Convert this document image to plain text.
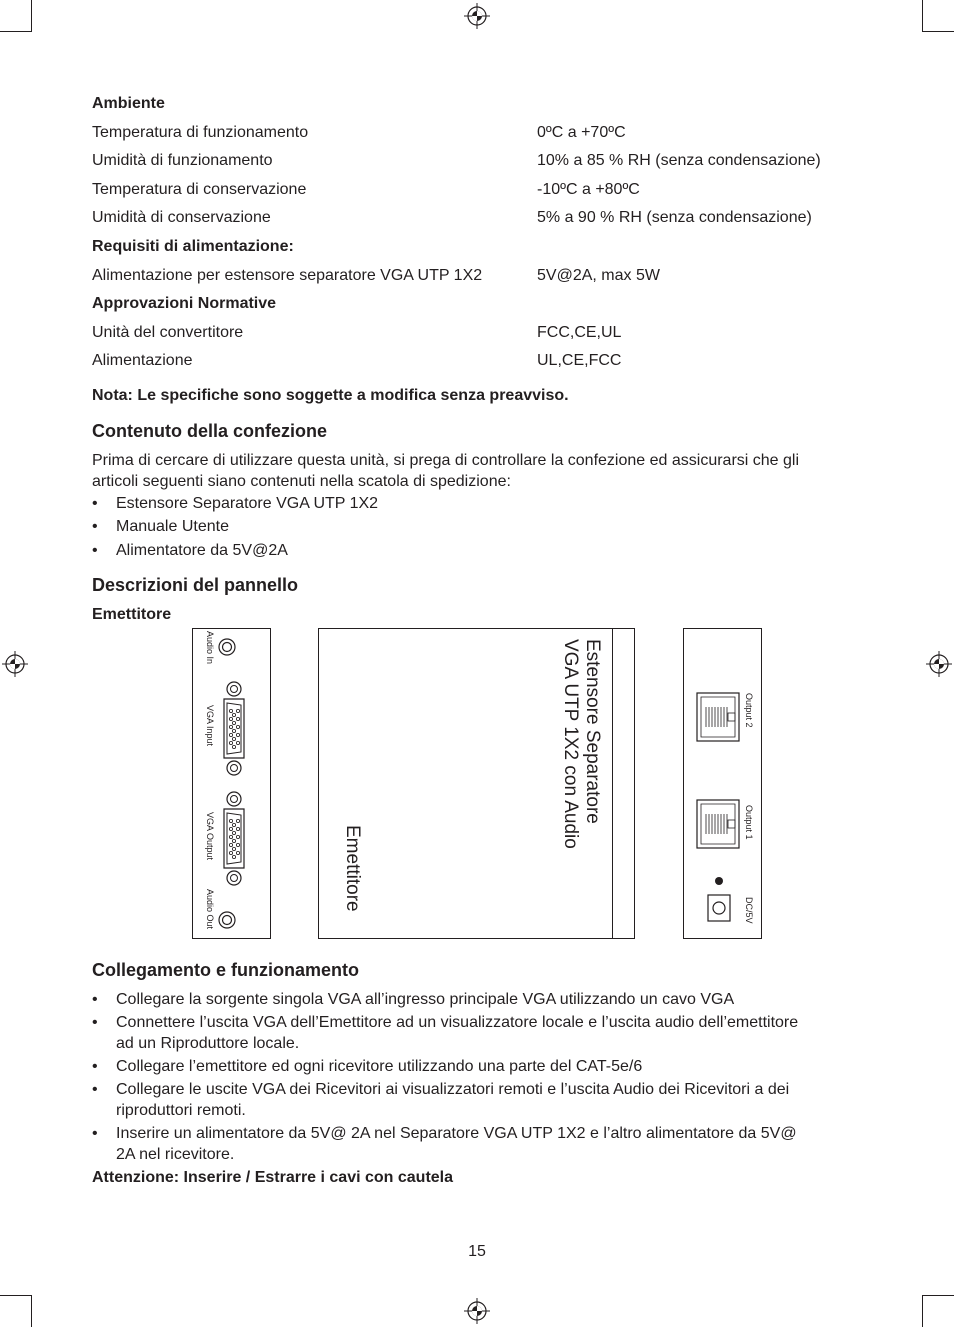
Ambiente
Temperatura di funzionamento	0ºC a +70ºC
Umidità di funzionamento	10% a 85 % RH (senza condensazione)
Temperatura di conservazione	-10ºC a +80ºC
Umidità di conservazione	5% a 90 % RH (senza condensazione)
Requisiti di alimentazione:
Alimentazione per estensore separatore VGA UTP 1X2	5V@2A, max 5W
Approvazioni Normative
Unità del convertitore	FCC,CE,UL
Alimentazione	UL,CE,FCC
Nota: Le specifiche sono soggette a modifica senza preavviso.
Contenuto della confezione
Prima di cercare di utilizzare questa unità, si prega di controllare la confezione ed assicurarsi che gli
articoli seguenti siano contenuti nella scatola di spedizione:
• Estensore Separatore VGA UTP 1X2
• Manuale Utente
• Alimentatore da 5V@2A
Descrizioni del pannello
Emettitore
Audio In
VGA Input
VGA Output
Audio Out
Estensore Separatore
VGA UTP 1X2 con Audio
Emettitore
Output 2
Output 1
DC/5V
Collegamento e funzionamento
• Collegare la sorgente singola VGA all’ingresso principale VGA utilizzando un cavo VGA
• Connettere l’uscita VGA dell’Emettitore ad un visualizzatore locale e l’uscita audio dell’emettitore
ad un Riproduttore locale.
• Collegare l’emettitore ed ogni ricevitore utilizzando una parte del CAT-5e/6
• Collegare le uscite VGA dei Ricevitori ai visualizzatori remoti e l’uscita Audio dei Ricevitori a dei
riproduttori remoti.
• Inserire un alimentatore da 5V@ 2A nel Separatore VGA UTP 1X2 e l’altro alimentatore da 5V@
2A nel ricevitore.
Attenzione: Inserire / Estrarre i cavi con cautela
15
